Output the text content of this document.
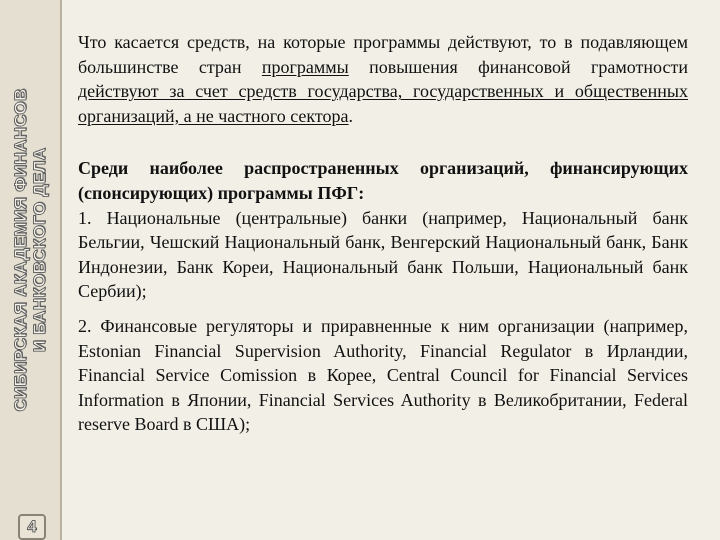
СИБИРСКАЯ АКАДЕМИЯ ФИНАНСОВ И БАНКОВСКОГО ДЕЛА
4

Что касается средств, на которые программы действуют, то в подавляющем большинстве стран программы повышения финансовой грамотности действуют за счет средств государства, государственных и общественных организаций, а не частного сектора.

Среди наиболее распространенных организаций, финансирующих (спонсирующих) программы ПФГ:
1. Национальные (центральные) банки (например, Национальный банк Бельгии, Чешский Национальный банк, Венгерский Национальный банк, Банк Индонезии, Банк Кореи, Национальный банк Польши, Национальный банк Сербии);

2. Финансовые регуляторы и приравненные к ним организации (например, Estonian Financial Supervision Authority, Financial Regulator в Ирландии, Financial Service Comission в Корее, Central Council for Financial Services Information в Японии, Financial Services Authority в Великобритании, Federal reserve Board в США);
